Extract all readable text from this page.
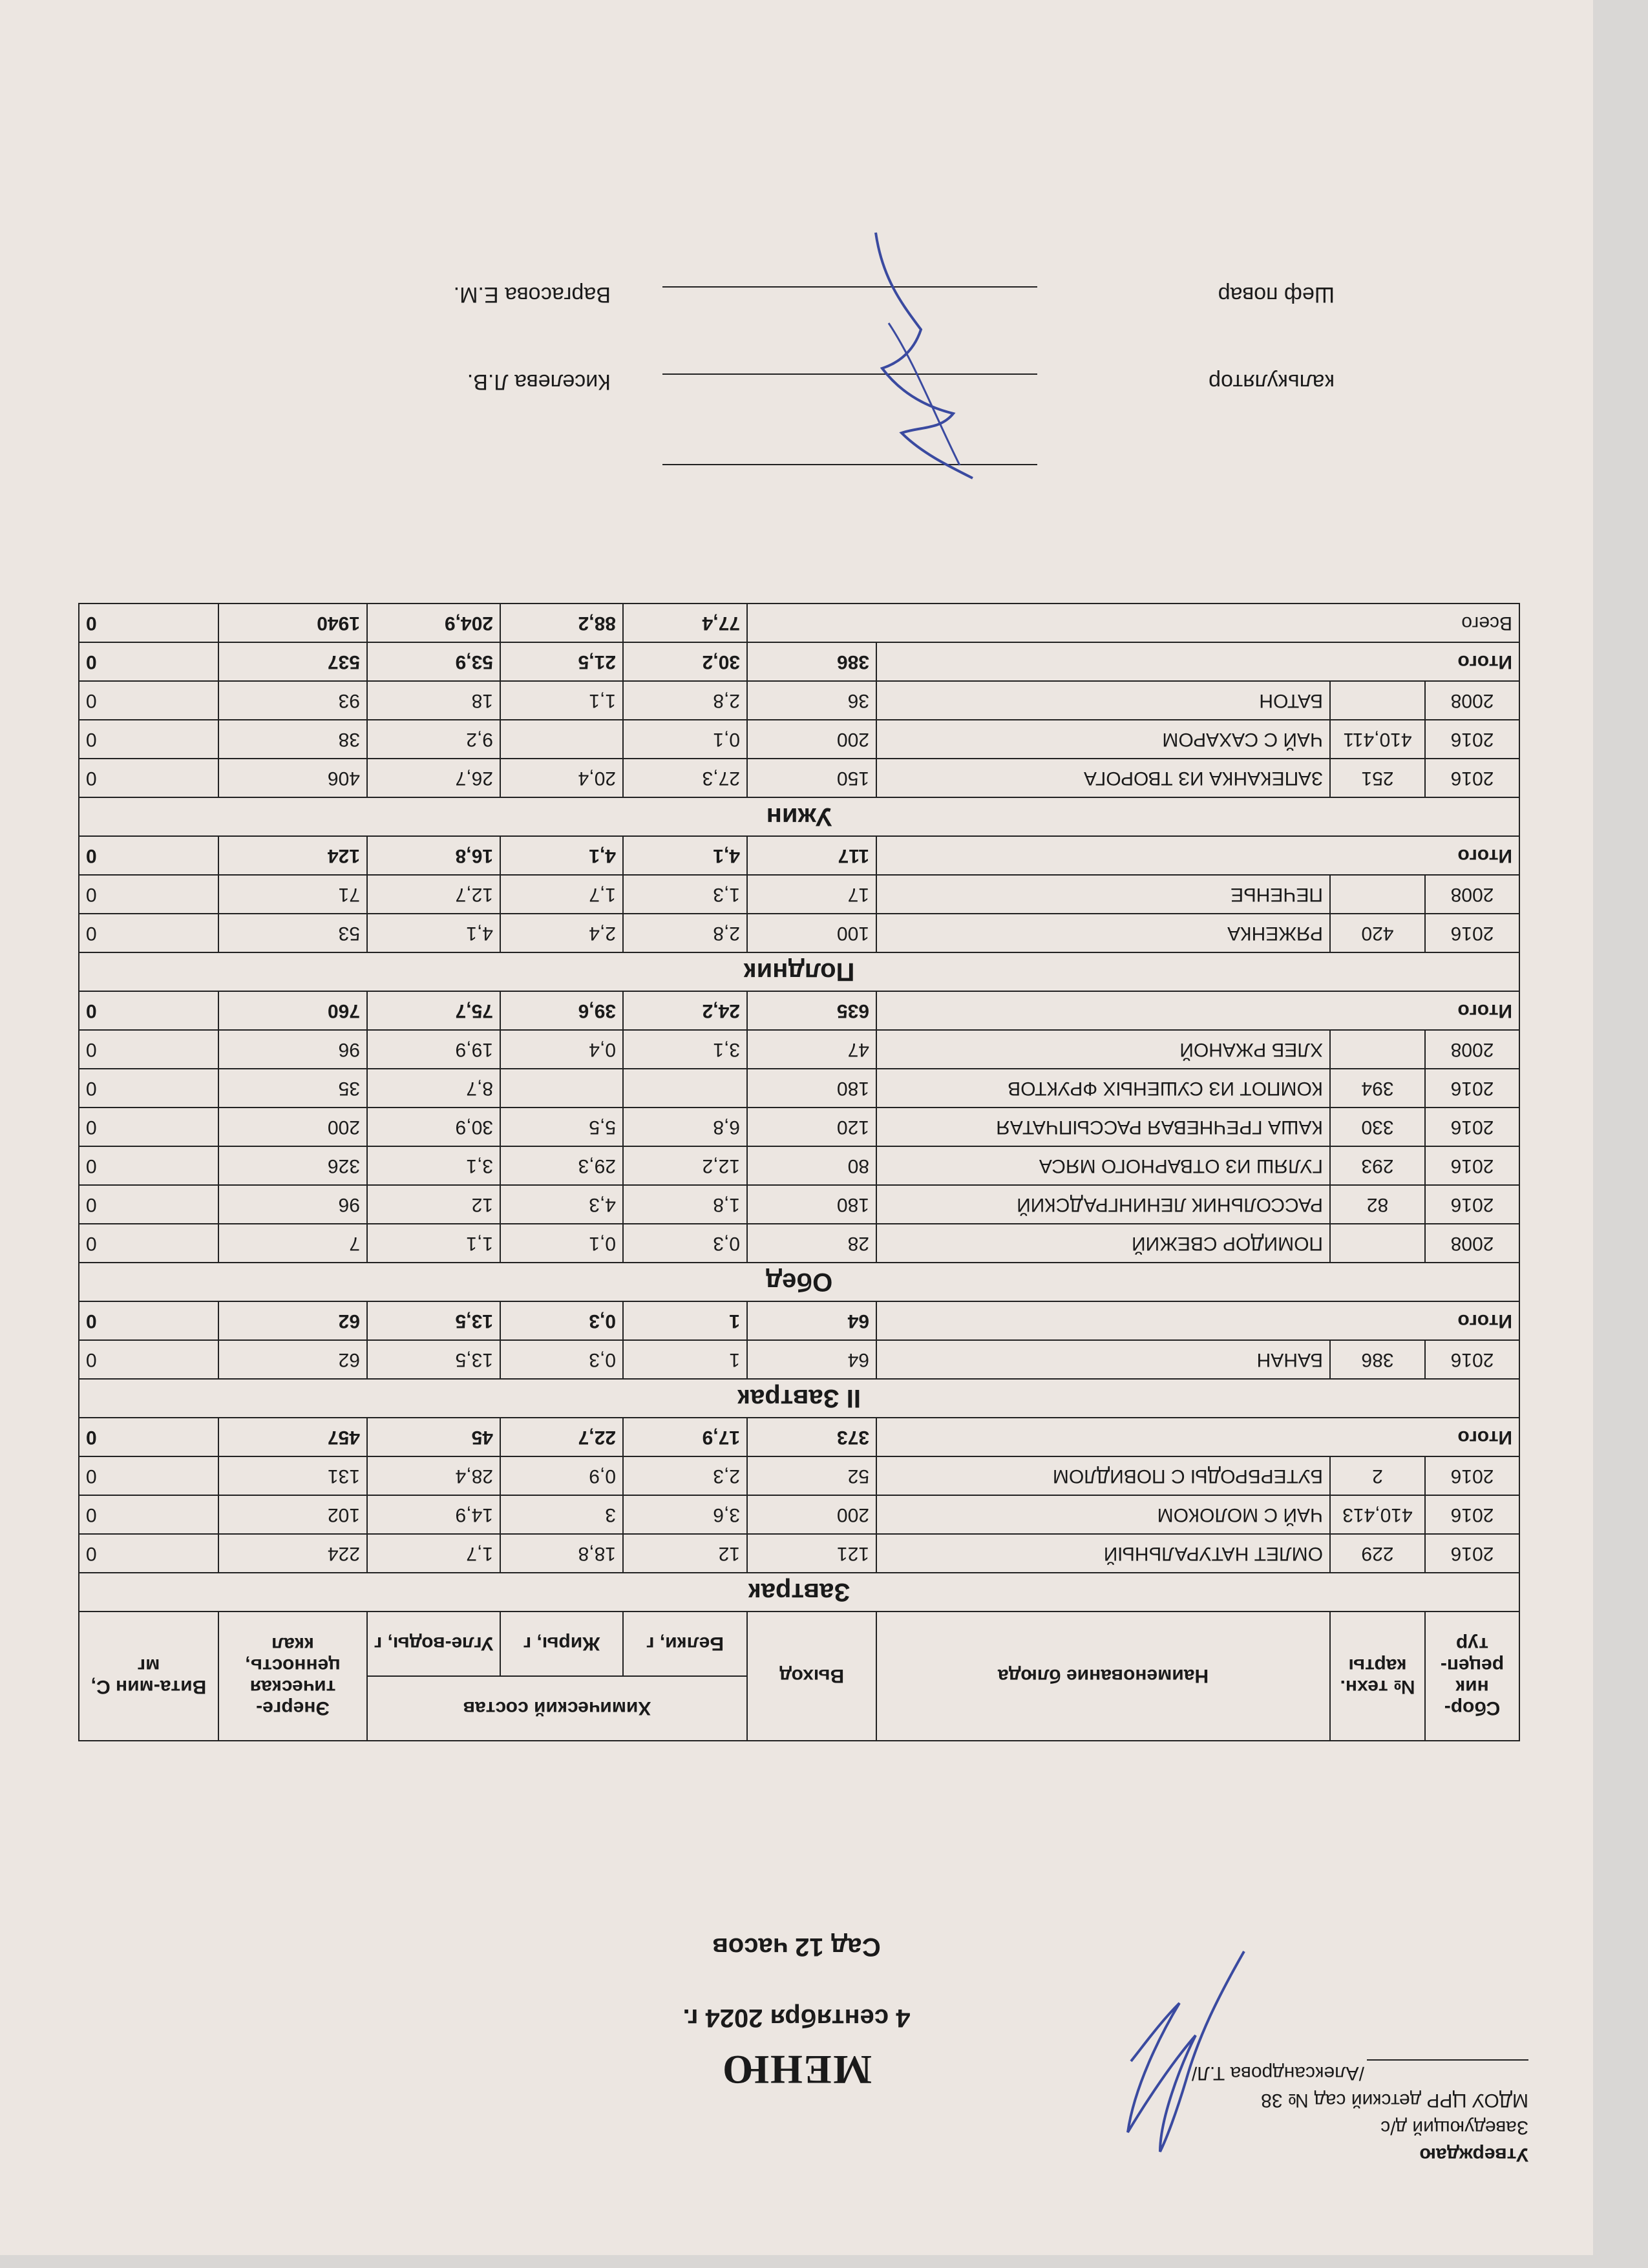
Утверждаю
Заведующий д/с
МДОУ ЦРР детский сад № 38
/Александрова Т.Л/
МЕНЮ
4 сентября 2024 г.
Сад 12 часов
Сбор-ник рецеп-тур	№ техн. карты	Наименование блюда	Выход	Химический состав			Энерге-тическая ценность, ккал	Вита-мин С, мг
				Белки, г	Жиры, г	Угле-воды, г		
Завтрак								
2016	229	ОМЛЕТ НАТУРАЛЬНЫЙ	121	12	18,8	1,7	224	0
2016	410,413	ЧАЙ С МОЛОКОМ	200	3,6	3	14,9	102	0
2016	2	БУТЕРБРОДЫ С ПОВИДЛОМ	52	2,3	0,9	28,4	131	0
Итого			373	17,9	22,7	45	457	0
II Завтрак								
2016	386	БАНАН	64	1	0,3	13,5	62	0
Итого			64	1	0,3	13,5	62	0
Обед								
2008		ПОМИДОР СВЕЖИЙ	28	0,3	0,1	1,1	7	0
2016	82	РАССОЛЬНИК ЛЕНИНГРАДСКИЙ	180	1,8	4,3	12	96	0
2016	293	ГУЛЯШ ИЗ ОТВАРНОГО МЯСА	80	12,2	29,3	3,1	326	0
2016	330	КАША ГРЕЧНЕВАЯ РАССЫПЧАТАЯ	120	6,8	5,5	30,9	200	0
2016	394	КОМПОТ ИЗ СУШЕНЫХ ФРУКТОВ	180			8,7	35	0
2008		ХЛЕБ РЖАНОЙ	47	3,1	0,4	19,9	96	0
Итого			635	24,2	39,6	75,7	760	0
Полдник								
2016	420	РЯЖЕНКА	100	2,8	2,4	4,1	53	0
2008		ПЕЧЕНЬЕ	17	1,3	1,7	12,7	71	0
Итого			117	4,1	4,1	16,8	124	0
Ужин								
2016	251	ЗАПЕКАНКА ИЗ ТВОРОГА	150	27,3	20,4	26,7	406	0
2016	410,411	ЧАЙ С САХАРОМ	200	0,1		9,2	38	0
2008		БАТОН	36	2,8	1,1	18	93	0
Итого			386	30,2	21,5	53,9	537	0
Всего				77,4	88,2	204,9	1940	0
калькулятор
Киселева Л.В.
Шеф повар
Варгасова Е.М.
